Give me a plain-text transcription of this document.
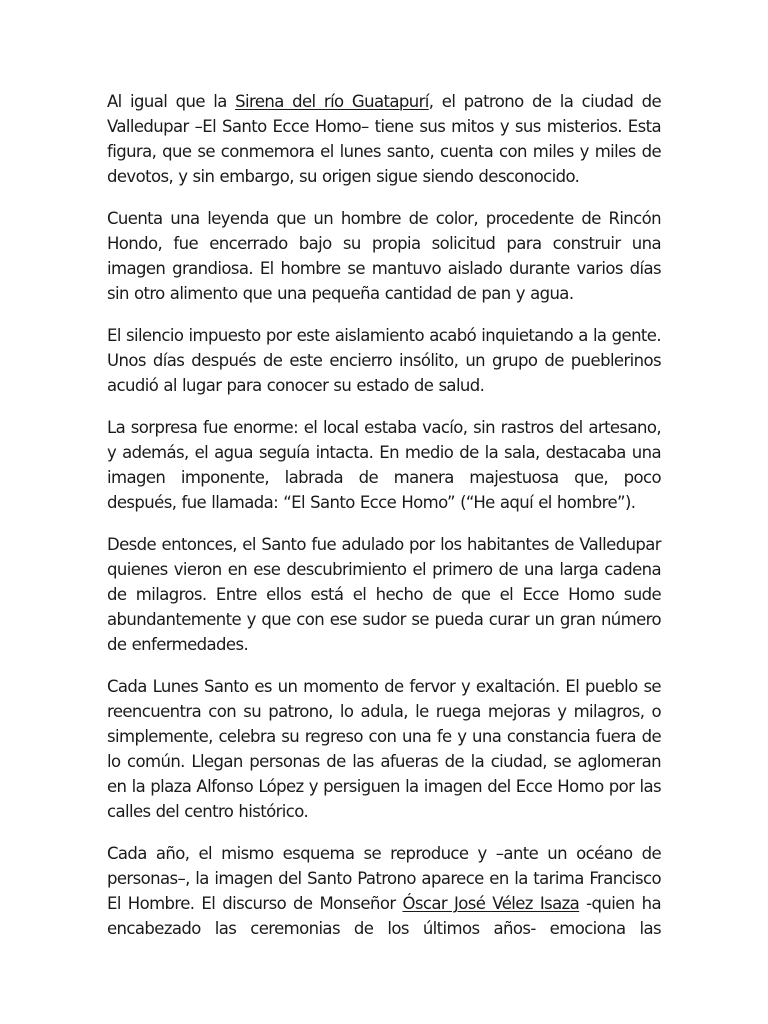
Al igual que la Sirena del río Guatapurí, el patrono de la ciudad de Valledupar –El Santo Ecce Homo– tiene sus mitos y sus misterios. Esta figura, que se conmemora el lunes santo, cuenta con miles y miles de devotos, y sin embargo, su origen sigue siendo desconocido.

Cuenta una leyenda que un hombre de color, procedente de Rincón Hondo, fue encerrado bajo su propia solicitud para construir una imagen grandiosa. El hombre se mantuvo aislado durante varios días sin otro alimento que una pequeña cantidad de pan y agua.

El silencio impuesto por este aislamiento acabó inquietando a la gente. Unos días después de este encierro insólito, un grupo de pueblerinos acudió al lugar para conocer su estado de salud.

La sorpresa fue enorme: el local estaba vacío, sin rastros del artesano, y además, el agua seguía intacta. En medio de la sala, destacaba una imagen imponente, labrada de manera majestuosa que, poco después, fue llamada: “El Santo Ecce Homo” (“He aquí el hombre”).

Desde entonces, el Santo fue adulado por los habitantes de Valledupar quienes vieron en ese descubrimiento el primero de una larga cadena de milagros. Entre ellos está el hecho de que el Ecce Homo sude abundantemente y que con ese sudor se pueda curar un gran número de enfermedades.

Cada Lunes Santo es un momento de fervor y exaltación. El pueblo se reencuentra con su patrono, lo adula, le ruega mejoras y milagros, o simplemente, celebra su regreso con una fe y una constancia fuera de lo común. Llegan personas de las afueras de la ciudad, se aglomeran en la plaza Alfonso López y persiguen la imagen del Ecce Homo por las calles del centro histórico.

Cada año, el mismo esquema se reproduce y –ante un océano de personas–, la imagen del Santo Patrono aparece en la tarima Francisco El Hombre. El discurso de Monseñor Óscar José Vélez Isaza -quien ha encabezado las ceremonias de los últimos años- emociona las
